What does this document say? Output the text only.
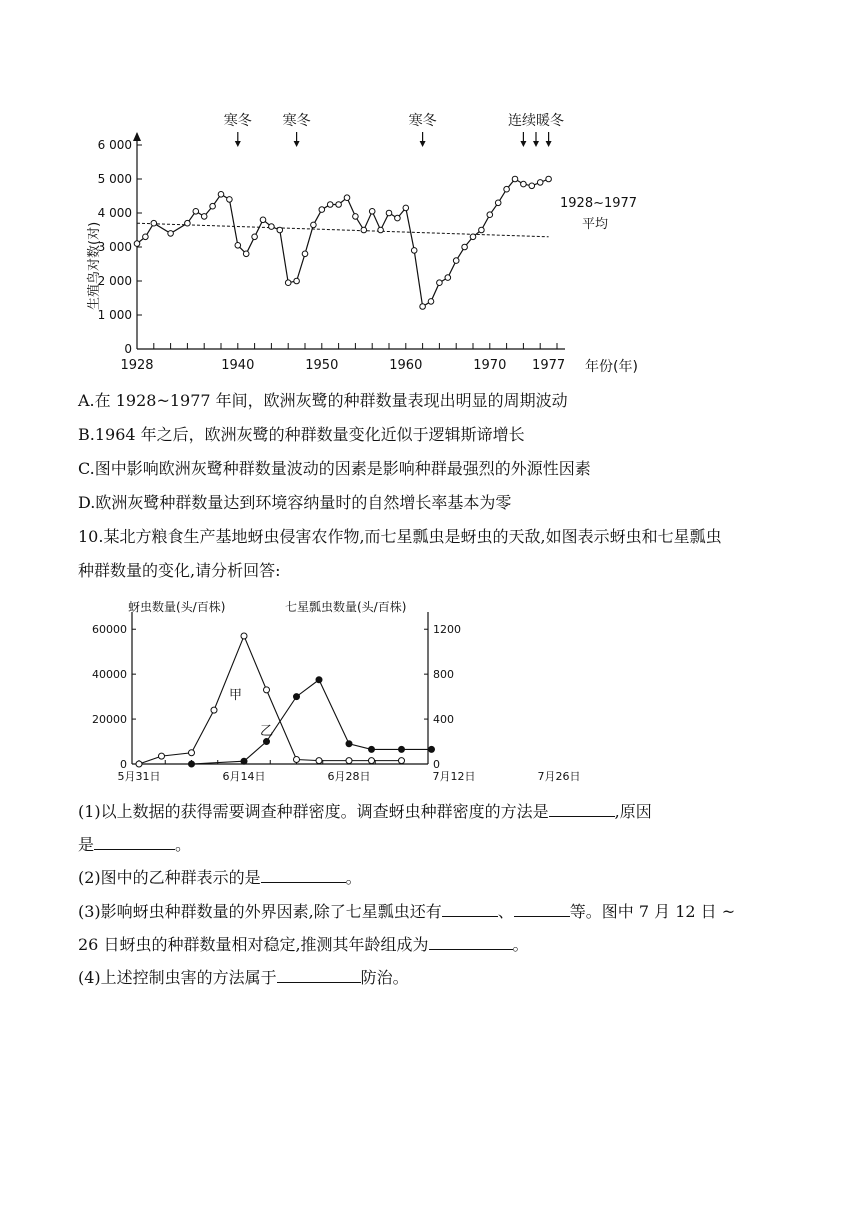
生殖鸟对数(对)
年份(年)
1928~1977
平均
6 000
5 000
4 000
3 000
2 000
1 000
0
1928	1940	1950	1960	1970 1977
寒冬 寒冬	寒冬	连续暖冬
A.在 1928~1977 年间，欧洲灰鹭的种群数量表现出明显的周期波动
B.1964 年之后，欧洲灰鹭的种群数量变化近似于逻辑斯谛增长
C.图中影响欧洲灰鹭种群数量波动的因素是影响种群最强烈的外源性因素
D.欧洲灰鹭种群数量达到环境容纳量时的自然增长率基本为零
10.某北方粮食生产基地蚜虫侵害农作物,而七星瓢虫是蚜虫的天敌,如图表示蚜虫和七星瓢虫
种群数量的变化,请分析回答:
蚜虫数量(头/百株)	七星瓢虫数量(头/百株)
甲
乙
60000
40000
20000
0
1200
800
400
0
5月31日	6月14日	6月28日	7月12日	7月26日
(1)以上数据的获得需要调查种群密度。调查蚜虫种群密度的方法是	,原因
是	。
(2)图中的乙种群表示的是	。
(3)影响蚜虫种群数量的外界因素,除了七星瓢虫还有	、	等。图中 7 月 12 日 ~
26 日蚜虫的种群数量相对稳定,推测其年龄组成为	。
(4)上述控制虫害的方法属于	防治。
